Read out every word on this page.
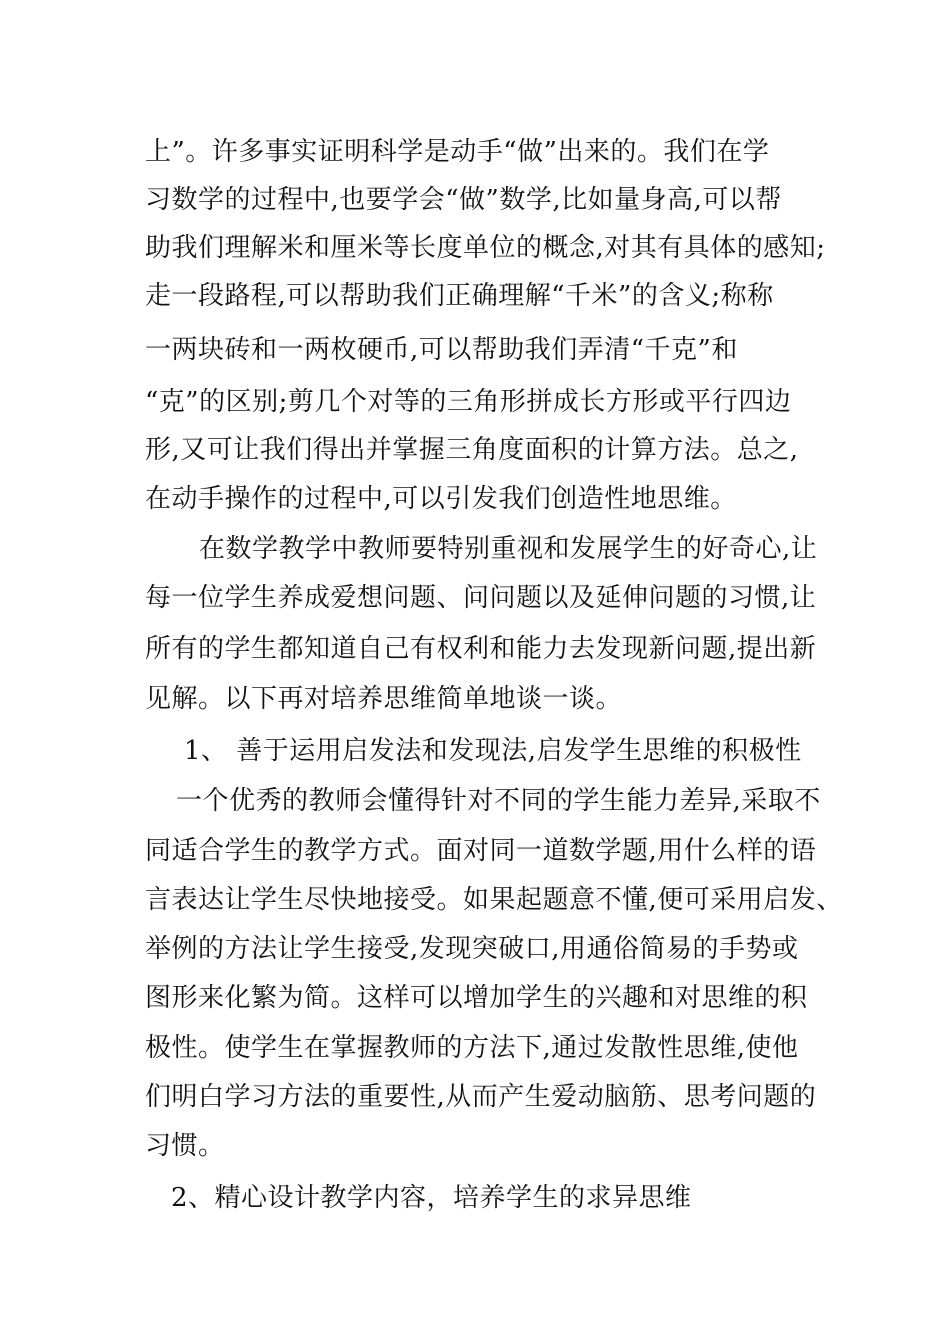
上”。许多事实证明科学是动手“做”出来的。我们在学
习数学的过程中,也要学会“做”数学,比如量身高,可以帮
助我们理解米和厘米等长度单位的概念,对其有具体的感知;
走一段路程,可以帮助我们正确理解“千米”的含义;称称
一两块砖和一两枚硬币,可以帮助我们弄清“千克”和
“克”的区别;剪几个对等的三角形拼成长方形或平行四边
形,又可让我们得出并掌握三角度面积的计算方法。总之,
在动手操作的过程中,可以引发我们创造性地思维。
在数学教学中教师要特别重视和发展学生的好奇心,让
每一位学生养成爱想问题、问问题以及延伸问题的习惯,让
所有的学生都知道自己有权利和能力去发现新问题,提出新
见解。以下再对培养思维简单地谈一谈。
1、 善于运用启发法和发现法,启发学生思维的积极性
一个优秀的教师会懂得针对不同的学生能力差异,采取不
同适合学生的教学方式。面对同一道数学题,用什么样的语
言表达让学生尽快地接受。如果起题意不懂,便可采用启发、
举例的方法让学生接受,发现突破口,用通俗简易的手势或
图形来化繁为简。这样可以增加学生的兴趣和对思维的积
极性。使学生在掌握教师的方法下,通过发散性思维,使他
们明白学习方法的重要性,从而产生爱动脑筋、思考问题的
习惯。
2、精心设计教学内容，培养学生的求异思维
